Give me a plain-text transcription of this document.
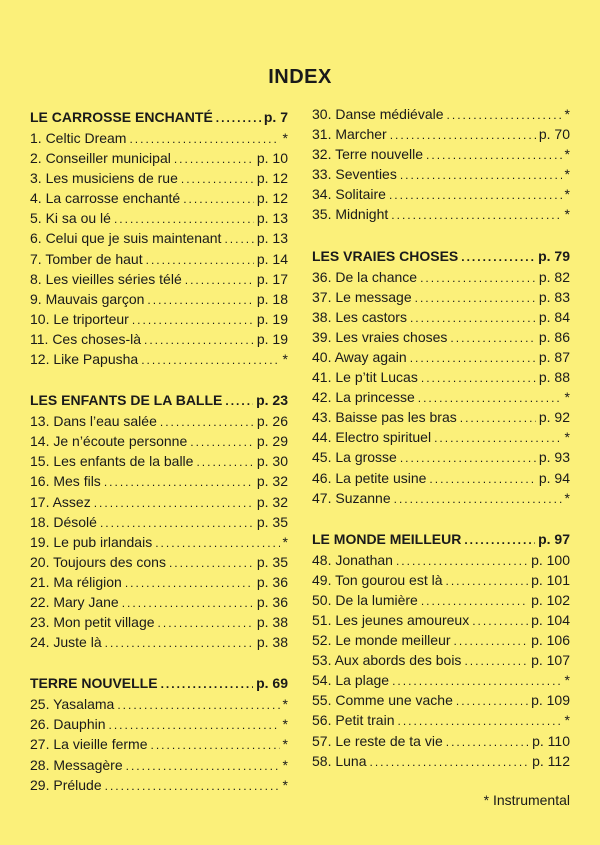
INDEX
LE CARROSSE ENCHANTÉ .....	p. 7
1. Celtic Dream .....	*
2. Conseiller municipal .....	p. 10
3. Les musiciens de rue .....	p. 12
4. La carrosse enchanté .....	p. 12
5. Ki sa ou lé .....	p. 13
6. Celui que je suis maintenant .....	p. 13
7. Tomber de haut .....	p. 14
8. Les vieilles séries télé .....	p. 17
9. Mauvais garçon .....	p. 18
10. Le triporteur .....	p. 19
11. Ces choses-là .....	p. 19
12. Like Papusha .....	*
LES ENFANTS DE LA BALLE ..... p. 23
13. Dans l’eau salée .....	p. 26
14. Je n’écoute personne .....	p. 29
15. Les enfants de la balle .....	p. 30
16. Mes fils .....	p. 32
17. Assez .....	p. 32
18. Désolé .....	p. 35
19. Le pub irlandais .....	*
20. Toujours des cons .....	p. 35
21. Ma réligion .....	p. 36
22. Mary Jane .....	p. 36
23. Mon petit village .....	p. 38
24. Juste là .....	p. 38
TERRE NOUVELLE .....	p. 69
25. Yasalama .....	*
26. Dauphin .....	*
27. La vieille ferme .....	*
28. Messagère .....	*
29. Prélude .....	*
30. Danse médiévale .....	*
31. Marcher .....	p. 70
32. Terre nouvelle .....	*
33. Seventies .....	*
34. Solitaire .....	*
35. Midnight .....	*
LES VRAIES CHOSES .....	p. 79
36. De la chance .....	p. 82
37. Le message .....	p. 83
38. Les castors .....	p. 84
39. Les vraies choses .....	p. 86
40. Away again .....	p. 87
41. Le p’tit Lucas .....	p. 88
42. La princesse .....	*
43. Baisse pas les bras .....	p. 92
44. Electro spirituel .....	*
45. La grosse .....	p. 93
46. La petite usine .....	p. 94
47. Suzanne .....	*
LE MONDE MEILLEUR .....	p. 97
48. Jonathan .....	p. 100
49. Ton gourou est là .....	p. 101
50. De la lumière .....	p. 102
51. Les jeunes amoureux .....	p. 104
52. Le monde meilleur .....	p. 106
53. Aux abords des bois .....	p. 107
54. La plage .....	*
55. Comme une vache .....	p. 109
56. Petit train .....	*
57. Le reste de ta vie .....	p. 110
58. Luna .....	p. 112
* Instrumental
